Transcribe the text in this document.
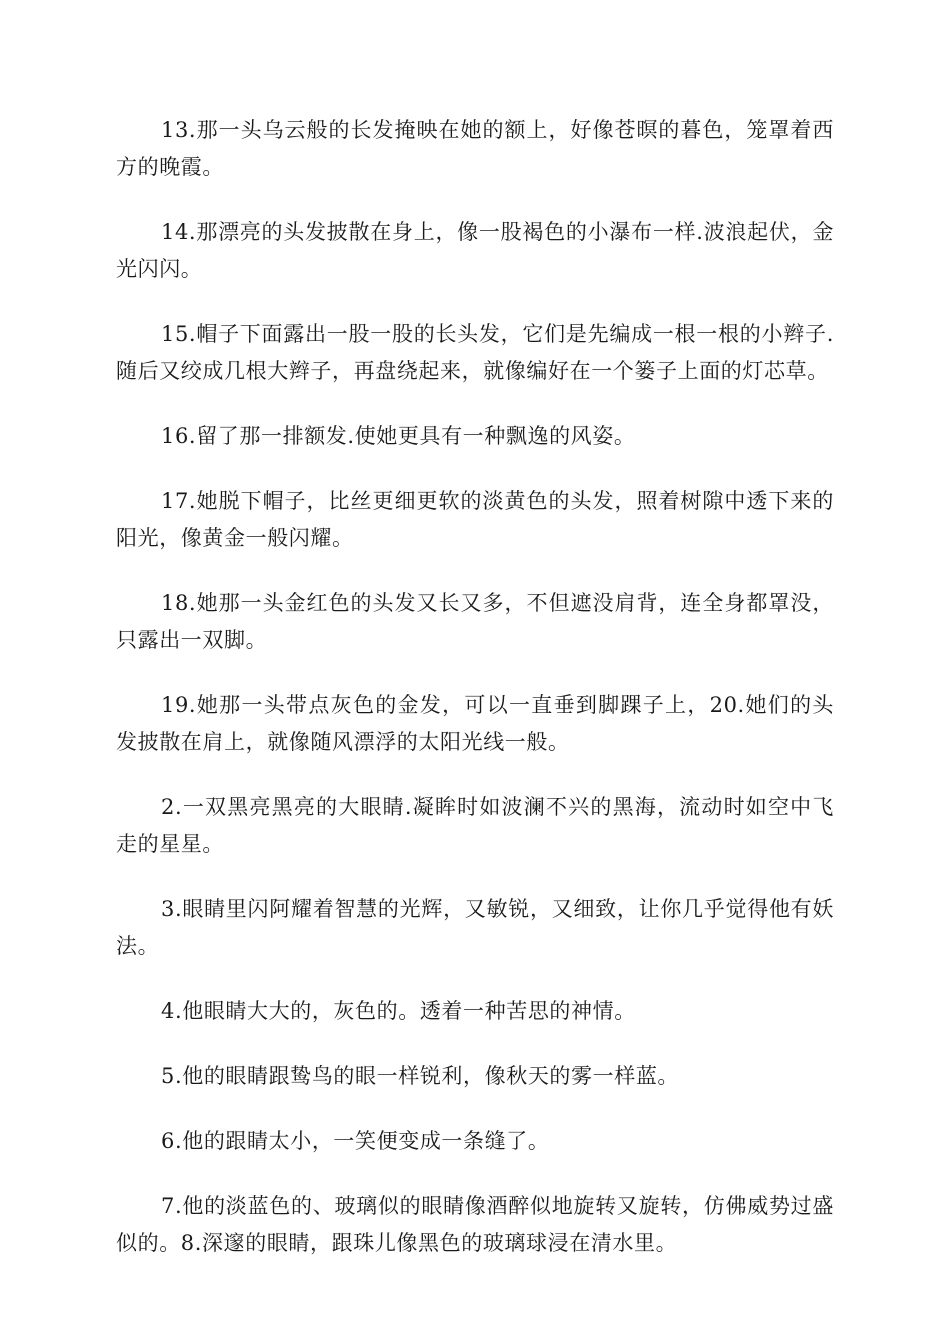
13.那一头乌云般的长发掩映在她的额上，好像苍暝的暮色，笼罩着西方的晚霞。

14.那漂亮的头发披散在身上，像一股褐色的小瀑布一样.波浪起伏，金光闪闪。

15.帽子下面露出一股一股的长头发，它们是先编成一根一根的小辫子.随后又绞成几根大辫子，再盘绕起来，就像编好在一个篓子上面的灯芯草。

16.留了那一排额发.使她更具有一种飘逸的风姿。

17.她脱下帽子，比丝更细更软的淡黄色的头发，照着树隙中透下来的阳光，像黄金一般闪耀。

18.她那一头金红色的头发又长又多，不但遮没肩背，连全身都罩没，只露出一双脚。

19.她那一头带点灰色的金发，可以一直垂到脚踝子上，20.她们的头发披散在肩上，就像随风漂浮的太阳光线一般。

2.一双黑亮黑亮的大眼睛.凝眸时如波澜不兴的黑海，流动时如空中飞走的星星。

3.眼睛里闪阿耀着智慧的光辉，又敏锐，又细致，让你几乎觉得他有妖法。

4.他眼睛大大的，灰色的。透着一种苦思的神情。

5.他的眼睛跟鸷鸟的眼一样锐利，像秋天的雾一样蓝。

6.他的跟睛太小，一笑便变成一条缝了。

7.他的淡蓝色的、玻璃似的眼睛像酒醉似地旋转又旋转，仿佛威势过盛似的。8.深邃的眼睛，跟珠儿像黑色的玻璃球浸在清水里。
